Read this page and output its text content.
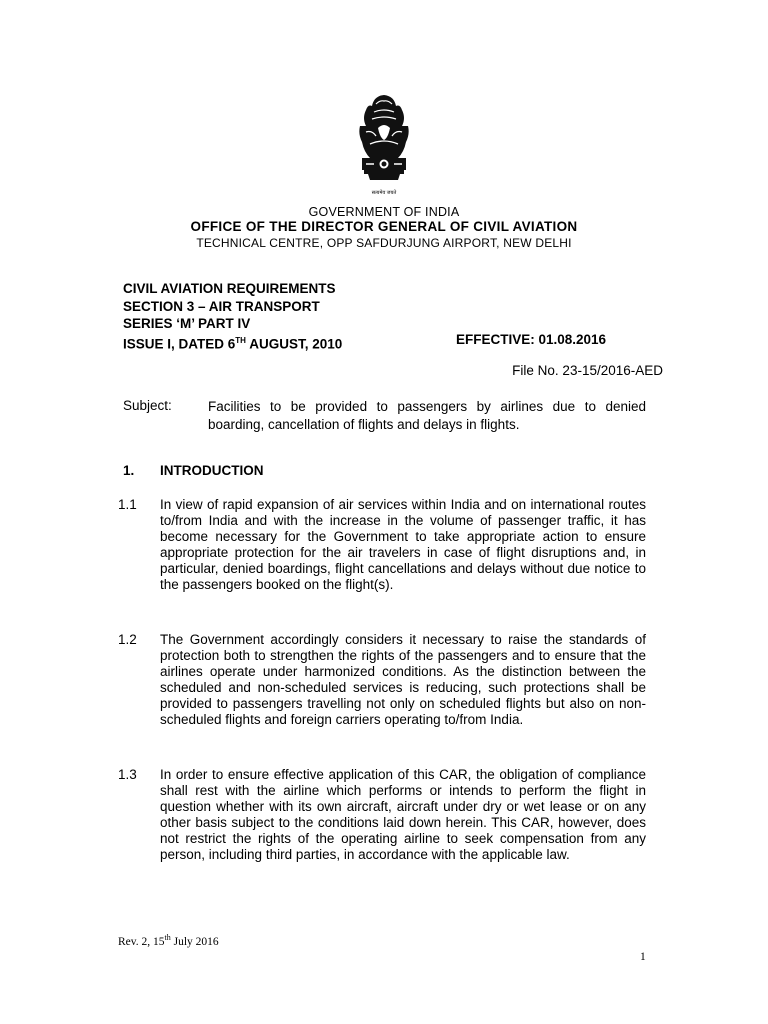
सत्यमेव जयते
GOVERNMENT OF INDIA
OFFICE OF THE DIRECTOR GENERAL OF CIVIL AVIATION
TECHNICAL CENTRE, OPP SAFDURJUNG AIRPORT, NEW DELHI
CIVIL AVIATION REQUIREMENTS
SECTION 3 – AIR TRANSPORT
SERIES ‘M’ PART IV
ISSUE I, DATED 6TH AUGUST, 2010	EFFECTIVE: 01.08.2016
File No. 23-15/2016-AED
Subject:	Facilities to be provided to passengers by airlines due to denied boarding, cancellation of flights and delays in flights.
1. INTRODUCTION
1.1 In view of rapid expansion of air services within India and on international routes to/from India and with the increase in the volume of passenger traffic, it has become necessary for the Government to take appropriate action to ensure appropriate protection for the air travelers in case of flight disruptions and, in particular, denied boardings, flight cancellations and delays without due notice to the passengers booked on the flight(s).
1.2 The Government accordingly considers it necessary to raise the standards of protection both to strengthen the rights of the passengers and to ensure that the airlines operate under harmonized conditions. As the distinction between the scheduled and non-scheduled services is reducing, such protections shall be provided to passengers travelling not only on scheduled flights but also on non-scheduled flights and foreign carriers operating to/from India.
1.3 In order to ensure effective application of this CAR, the obligation of compliance shall rest with the airline which performs or intends to perform the flight in question whether with its own aircraft, aircraft under dry or wet lease or on any other basis subject to the conditions laid down herein. This CAR, however, does not restrict the rights of the operating airline to seek compensation from any person, including third parties, in accordance with the applicable law.
Rev. 2, 15th July 2016
1
